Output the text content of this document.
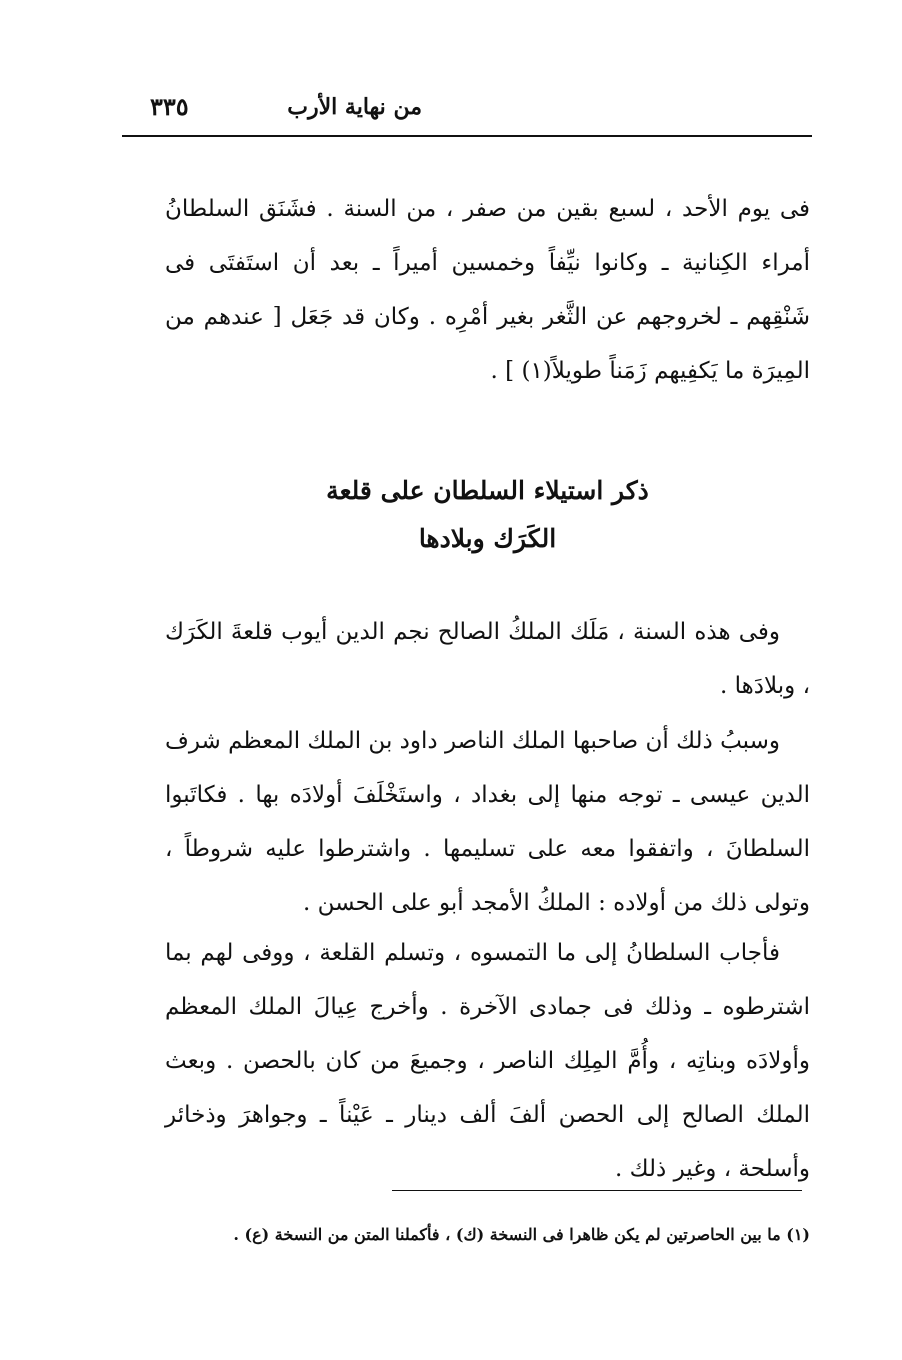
من نهاية الأرب
٣٣٥

فى يوم الأحد ، لسبع بقين من صفر ، من السنة . فشَنَق السلطانُ أمراء الكِنانية ـ وكانوا نيِّفاً وخمسين أميراً ـ بعد أن استَفتَى فى شَنْقِهم ـ لخروجهم عن الثَّغر بغير أمْرِه . وكان قد جَعَل [ عندهم من المِيرَة ما يَكفِيهم زَمَناً طويلاً(١) ] .

ذكر استيلاء السلطان على قلعة
الكَرَك وبلادها

وفى هذه السنة ، مَلَك الملكُ الصالح نجم الدين أيوب قلعةَ الكَرَك ، وبلادَها .

وسببُ ذلك أن صاحبها الملك الناصر داود بن الملك المعظم شرف الدين عيسى ـ توجه منها إلى بغداد ، واستَخْلَفَ أولادَه بها . فكاتَبوا السلطانَ ، واتفقوا معه على تسليمها . واشترطوا عليه شروطاً ، وتولى ذلك من أولاده : الملكُ الأمجد أبو على الحسن .

فأجاب السلطانُ إلى ما التمسوه ، وتسلم القلعة ، ووفى لهم بما اشترطوه ـ وذلك فى جمادى الآخرة . وأخرج عِيالَ الملك المعظم وأولادَه وبناتِه ، وأُمَّ المِلِك الناصر ، وجميعَ من كان بالحصن . وبعث الملك الصالح إلى الحصن ألفَ ألف دينار ـ عَيْناً ـ وجواهرَ وذخائر وأسلحة ، وغير ذلك .

(١) ما بين الحاصرتين لم يكن ظاهرا فى النسخة (ك) ، فأكملنا المتن من النسخة (ع) .
